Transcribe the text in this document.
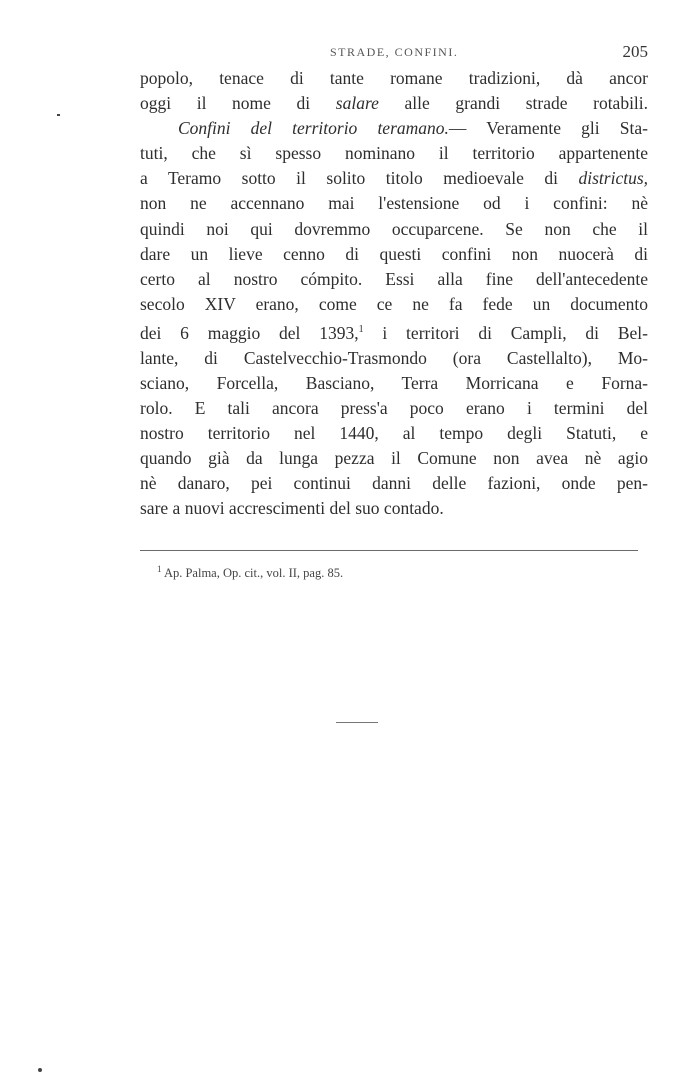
STRADE, CONFINI.	205
popolo, tenace di tante romane tradizioni, dà ancor
oggi il nome di salare alle grandi strade rotabili.
Confini del territorio teramano.— Veramente gli Sta-
tuti, che sì spesso nominano il territorio appartenente
a Teramo sotto il solito titolo medioevale di districtus,
non ne accennano mai l'estensione od i confini: nè
quindi noi qui dovremmo occuparcene. Se non che il
dare un lieve cenno di questi confini non nuocerà di
certo al nostro cómpito. Essi alla fine dell'antecedente
secolo XIV erano, come ce ne fa fede un documento
dei 6 maggio del 1393,$^1$ i territori di Campli, di Bel-
lante, di Castelvecchio-Trasmondo (ora Castellalto), Mo-
sciano, Forcella, Basciano, Terra Morricana e Forna-
rolo. E tali ancora press'a poco erano i termini del
nostro territorio nel 1440, al tempo degli Statuti, e
quando già da lunga pezza il Comune non avea nè agio
nè danaro, pei continui danni delle fazioni, onde pen-
sare a nuovi accrescimenti del suo contado.
$^1$ Ap. Palma, Op. cit., vol. II, pag. 85.
